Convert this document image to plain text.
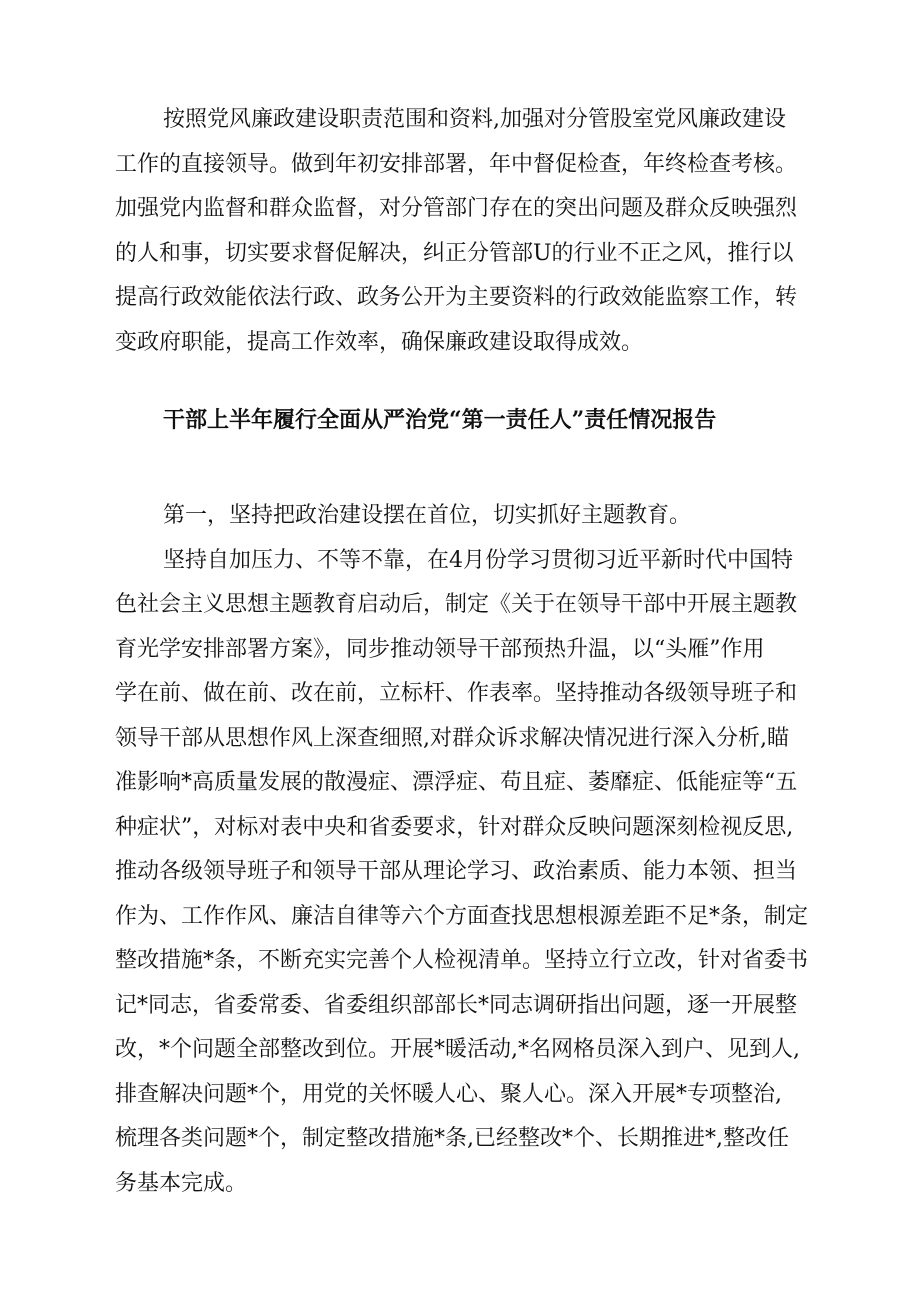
按照党风廉政建设职责范围和资料,加强对分管股室党风廉政建设
工作的直接领导。做到年初安排部署，年中督促检查，年终检查考核。
加强党内监督和群众监督，对分管部门存在的突出问题及群众反映强烈
的人和事，切实要求督促解决，纠正分管部U的行业不正之风，推行以
提高行政效能依法行政、政务公开为主要资料的行政效能监察工作，转
变政府职能，提高工作效率，确保廉政建设取得成效。
干部上半年履行全面从严治党“第一责任人”责任情况报告
第一，坚持把政治建设摆在首位，切实抓好主题教育。
坚持自加压力、不等不靠，在4月份学习贯彻习近平新时代中国特
色社会主义思想主题教育启动后，制定《关于在领导干部中开展主题教
育光学安排部署方案》，同步推动领导干部预热升温，以“头雁”作用
学在前、做在前、改在前，立标杆、作表率。坚持推动各级领导班子和
领导干部从思想作风上深查细照,对群众诉求解决情况进行深入分析,瞄
准影响*高质量发展的散漫症、漂浮症、苟且症、萎靡症、低能症等“五
种症状”，对标对表中央和省委要求，针对群众反映问题深刻检视反思,
推动各级领导班子和领导干部从理论学习、政治素质、能力本领、担当
作为、工作作风、廉洁自律等六个方面查找思想根源差距不足*条，制定
整改措施*条，不断充实完善个人检视清单。坚持立行立改，针对省委书
记*同志，省委常委、省委组织部部长*同志调研指出问题，逐一开展整
改，*个问题全部整改到位。开展*暖活动,*名网格员深入到户、见到人,
排查解决问题*个，用党的关怀暖人心、聚人心。深入开展*专项整治,
梳理各类问题*个，制定整改措施*条,已经整改*个、长期推进*,整改任
务基本完成。
